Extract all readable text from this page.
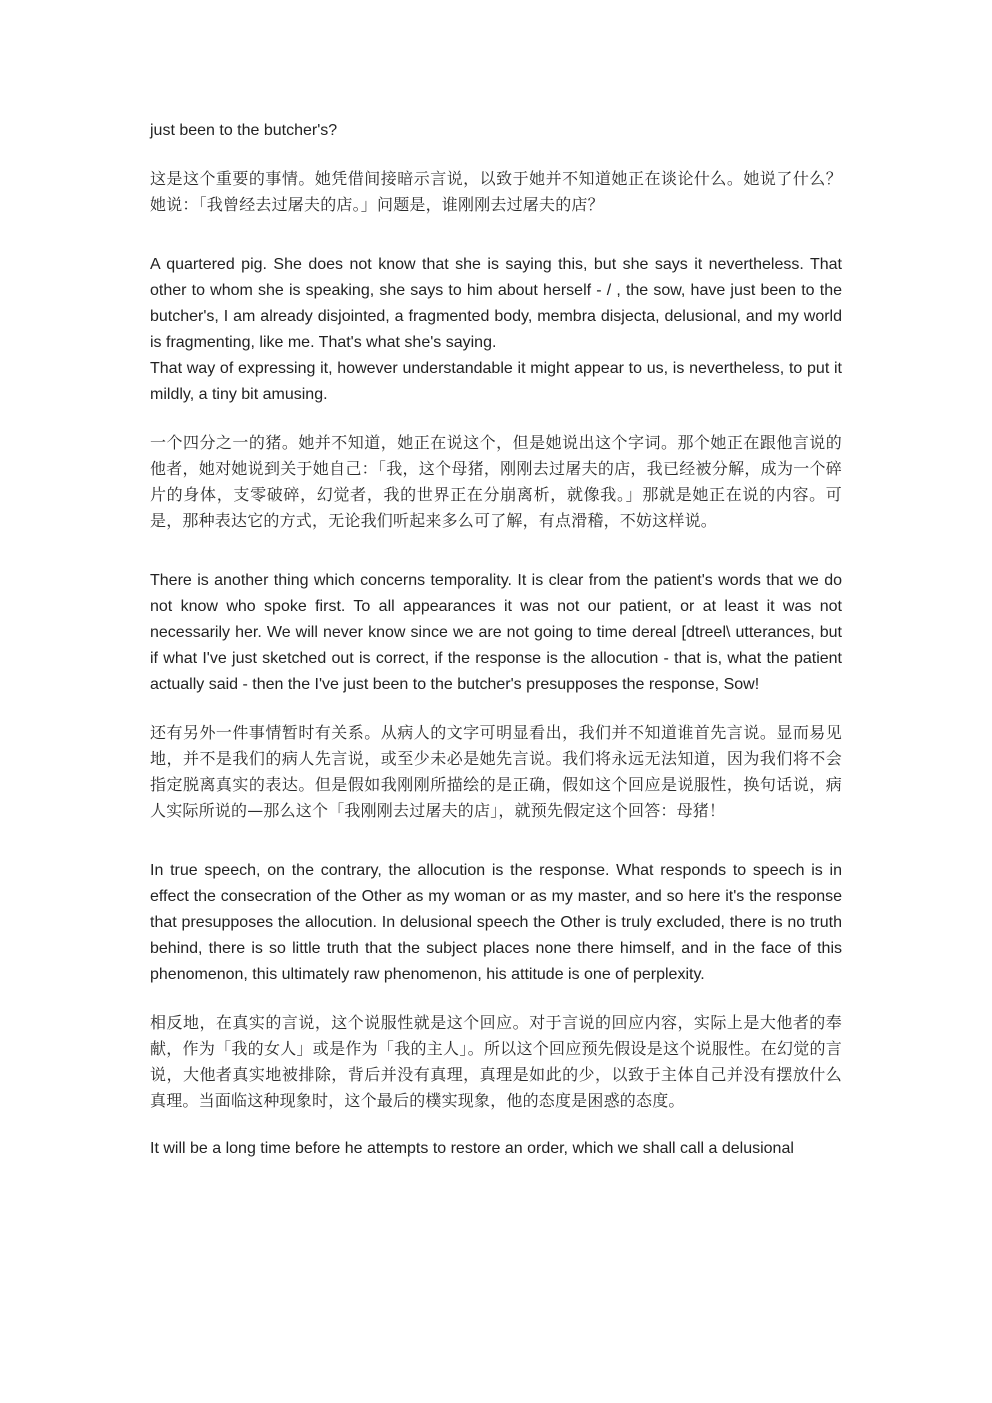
just been to the butcher's?

这是这个重要的事情。她凭借间接暗示言说，以致于她并不知道她正在谈论什么。她说了什么？她说：「我曾经去过屠夫的店。」问题是，谁刚刚去过屠夫的店？

A quartered pig. She does not know that she is saying this, but she says it nevertheless. That other to whom she is speaking, she says to him about herself - / , the sow, have just been to the butcher's, I am already disjointed, a fragmented body, membra disjecta, delusional, and my world is fragmenting, like me. That's what she's saying.

That way of expressing it, however understandable it might appear to us, is nevertheless, to put it mildly, a tiny bit amusing.

一个四分之一的猪。她并不知道，她正在说这个，但是她说出这个字词。那个她正在跟他言说的他者，她对她说到关于她自己：「我，这个母猪，刚刚去过屠夫的店，我已经被分解，成为一个碎片的身体，支零破碎，幻觉者，我的世界正在分崩离析，就像我。」那就是她正在说的内容。可是，那种表达它的方式，无论我们听起来多么可了解，有点滑稽，不妨这样说。

There is another thing which concerns temporality. It is clear from the patient's words that we do not know who spoke first. To all appearances it was not our patient, or at least it was not necessarily her. We will never know since we are not going to time dereal [dtreel\ utterances, but if what I've just sketched out is correct, if the response is the allocution - that is, what the patient actually said - then the I've just been to the butcher's presupposes the response, Sow!

还有另外一件事情暂时有关系。从病人的文字可明显看出，我们并不知道谁首先言说。显而易见地，并不是我们的病人先言说，或至少未必是她先言说。我们将永远无法知道，因为我们将不会指定脱离真实的表达。但是假如我刚刚所描绘的是正确，假如这个回应是说服性，换句话说，病人实际所说的—那么这个「我刚刚去过屠夫的店」，就预先假定这个回答：母猪！

In true speech, on the contrary, the allocution is the response. What responds to speech is in effect the consecration of the Other as my woman or as my master, and so here it's the response that presupposes the allocution. In delusional speech the Other is truly excluded, there is no truth behind, there is so little truth that the subject places none there himself, and in the face of this phenomenon, this ultimately raw phenomenon, his attitude is one of perplexity.

相反地，在真实的言说，这个说服性就是这个回应。对于言说的回应内容，实际上是大他者的奉献，作为「我的女人」或是作为「我的主人」。所以这个回应预先假设是这个说服性。在幻觉的言说，大他者真实地被排除，背后并没有真理，真理是如此的少，以致于主体自己并没有摆放什么真理。当面临这种现象时，这个最后的樸实现象，他的态度是困惑的态度。

It will be a long time before he attempts to restore an order, which we shall call a delusional
